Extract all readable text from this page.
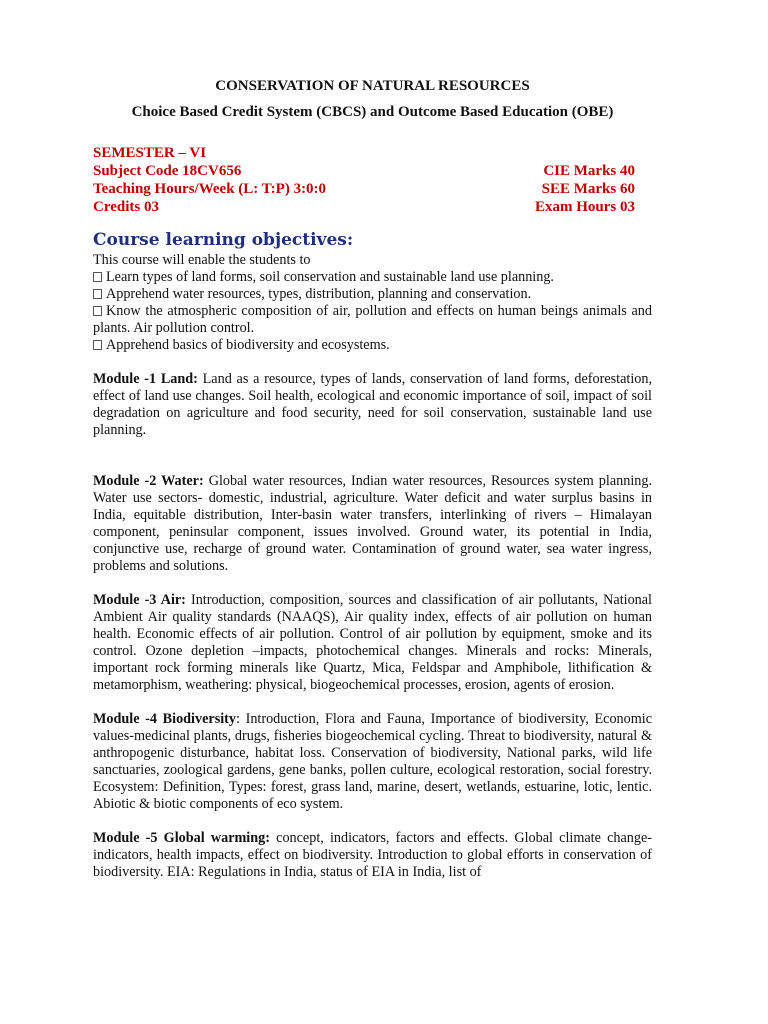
CONSERVATION OF NATURAL RESOURCES

Choice Based Credit System (CBCS) and Outcome Based Education (OBE)

SEMESTER – VI
Subject Code 18CV656	CIE Marks 40
Teaching Hours/Week (L: T:P) 3:0:0	SEE Marks 60
Credits 03	Exam Hours 03
Course learning objectives:

This course will enable the students to

Learn types of land forms, soil conservation and sustainable land use planning.

Apprehend water resources, types, distribution, planning and conservation.

Know the atmospheric composition of air, pollution and effects on human beings animals and plants. Air pollution control.

Apprehend basics of biodiversity and ecosystems.

Module -1 Land: Land as a resource, types of lands, conservation of land forms, deforestation, effect of land use changes. Soil health, ecological and economic importance of soil, impact of soil degradation on agriculture and food security, need for soil conservation, sustainable land use planning.

Module -2 Water: Global water resources, Indian water resources, Resources system planning. Water use sectors- domestic, industrial, agriculture. Water deficit and water surplus basins in India, equitable distribution, Inter-basin water transfers, interlinking of rivers – Himalayan component, peninsular component, issues involved. Ground water, its potential in India, conjunctive use, recharge of ground water. Contamination of ground water, sea water ingress, problems and solutions.

Module -3 Air: Introduction, composition, sources and classification of air pollutants, National Ambient Air quality standards (NAAQS), Air quality index, effects of air pollution on human health. Economic effects of air pollution. Control of air pollution by equipment, smoke and its control. Ozone depletion –impacts, photochemical changes. Minerals and rocks: Minerals, important rock forming minerals like Quartz, Mica, Feldspar and Amphibole, lithification & metamorphism, weathering: physical, biogeochemical processes, erosion, agents of erosion.

Module -4 Biodiversity: Introduction, Flora and Fauna, Importance of biodiversity, Economic values-medicinal plants, drugs, fisheries biogeochemical cycling. Threat to biodiversity, natural & anthropogenic disturbance, habitat loss. Conservation of biodiversity, National parks, wild life sanctuaries, zoological gardens, gene banks, pollen culture, ecological restoration, social forestry. Ecosystem: Definition, Types: forest, grass land, marine, desert, wetlands, estuarine, lotic, lentic. Abiotic & biotic components of eco system.

Module -5 Global warming: concept, indicators, factors and effects. Global climate change-indicators, health impacts, effect on biodiversity. Introduction to global efforts in conservation of biodiversity. EIA: Regulations in India, status of EIA in India, list of
